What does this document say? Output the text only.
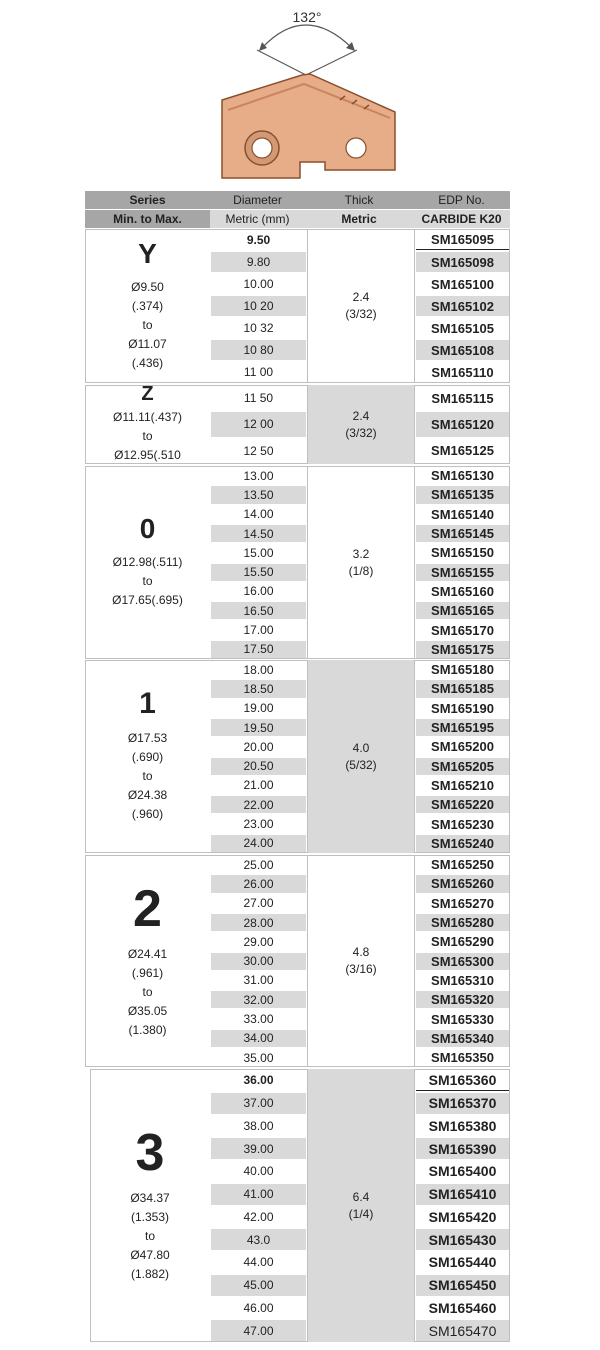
132°
Series	Diameter	Thick	EDP No.
Min. to Max.	Metric (mm)	Metric	CARBIDE K20
Y
Ø9.50
(.374)
to
Ø11.07
(.436)
2.4
(3/32)
9.50	SM165095
9.80	SM165098
10.00	SM165100
10 20	SM165102
10 32	SM165105
10 80	SM165108
11 00	SM165110
Z
Ø11.11(.437)
to
Ø12.95(.510
2.4
(3/32)
11 50	SM165115
12 00	SM165120
12 50	SM165125
0
Ø12.98(.511)
to
Ø17.65(.695)
3.2
(1/8)
13.00	SM165130
13.50	SM165135
14.00	SM165140
14.50	SM165145
15.00	SM165150
15.50	SM165155
16.00	SM165160
16.50	SM165165
17.00	SM165170
17.50	SM165175
1
Ø17.53
(.690)
to
Ø24.38
(.960)
4.0
(5/32)
18.00	SM165180
18.50	SM165185
19.00	SM165190
19.50	SM165195
20.00	SM165200
20.50	SM165205
21.00	SM165210
22.00	SM165220
23.00	SM165230
24.00	SM165240
2
Ø24.41
(.961)
to
Ø35.05
(1.380)
4.8
(3/16)
25.00	SM165250
26.00	SM165260
27.00	SM165270
28.00	SM165280
29.00	SM165290
30.00	SM165300
31.00	SM165310
32.00	SM165320
33.00	SM165330
34.00	SM165340
35.00	SM165350
3
Ø34.37
(1.353)
to
Ø47.80
(1.882)
6.4
(1/4)
36.00	SM165360
37.00	SM165370
38.00	SM165380
39.00	SM165390
40.00	SM165400
41.00	SM165410
42.00	SM165420
43.0	SM165430
44.00	SM165440
45.00	SM165450
46.00	SM165460
47.00	SM165470
